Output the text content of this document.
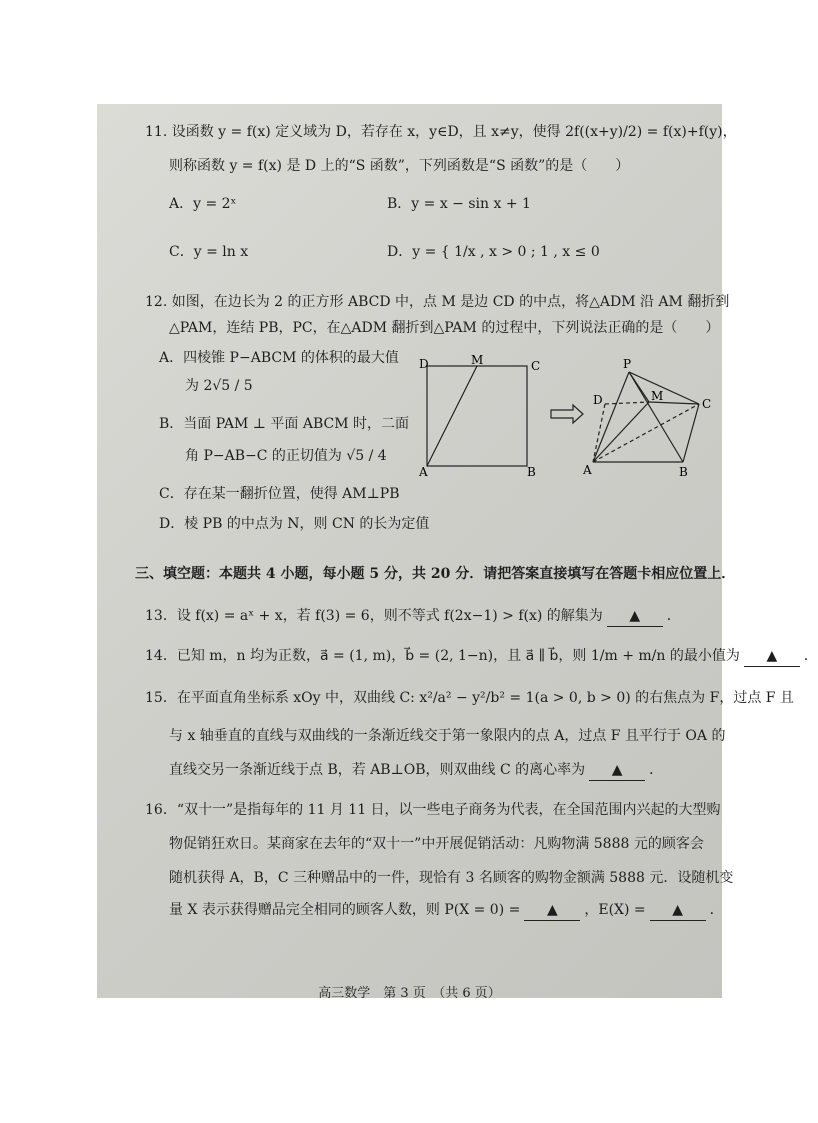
11. 设函数 y = f(x) 定义域为 D，若存在 x，y∈D，且 x≠y，使得 2f((x+y)/2) = f(x)+f(y)，
则称函数 y = f(x) 是 D 上的“S 函数”，下列函数是“S 函数”的是（　　）
A．y = 2ˣ	B．y = x − sin x + 1
C．y = ln x	D．y = { 1/x , x > 0 ; 1 , x ≤ 0
12. 如图，在边长为 2 的正方形 ABCD 中，点 M 是边 CD 的中点，将△ADM 沿 AM 翻折到
△PAM，连结 PB，PC，在△ADM 翻折到△PAM 的过程中，下列说法正确的是（　　）
A．四棱锥 P−ABCM 的体积的最大值
为 2√5 / 5
B．当面 PAM ⊥ 平面 ABCM 时，二面
角 P−AB−C 的正切值为 √5 / 4
C．存在某一翻折位置，使得 AM⊥PB
D．棱 PB 的中点为 N，则 CN 的长为定值
D	M	C
A	B
P
D	M
C
A	B
三、填空题：本题共 4 小题，每小题 5 分，共 20 分．请把答案直接填写在答题卡相应位置上．
13．设 f(x) = aˣ + x，若 f(3) = 6，则不等式 f(2x−1) > f(x) 的解集为 ▲ ．
14．已知 m，n 均为正数，a⃗ = (1, m)，b⃗ = (2, 1−n)，且 a⃗ ∥ b⃗，则 1/m + m/n 的最小值为 ▲ ．
15．在平面直角坐标系 xOy 中，双曲线 C: x²/a² − y²/b² = 1(a > 0, b > 0) 的右焦点为 F，过点 F 且
与 x 轴垂直的直线与双曲线的一条渐近线交于第一象限内的点 A，过点 F 且平行于 OA 的
直线交另一条渐近线于点 B，若 AB⊥OB，则双曲线 C 的离心率为 ▲ ．
16．“双十一”是指每年的 11 月 11 日，以一些电子商务为代表，在全国范围内兴起的大型购
物促销狂欢日。某商家在去年的“双十一”中开展促销活动：凡购物满 5888 元的顾客会
随机获得 A，B，C 三种赠品中的一件，现恰有 3 名顾客的购物金额满 5888 元．设随机变
量 X 表示获得赠品完全相同的顾客人数，则 P(X = 0) = ▲ ，E(X) = ▲ ．
高三数学　第 3 页　（共 6 页）
